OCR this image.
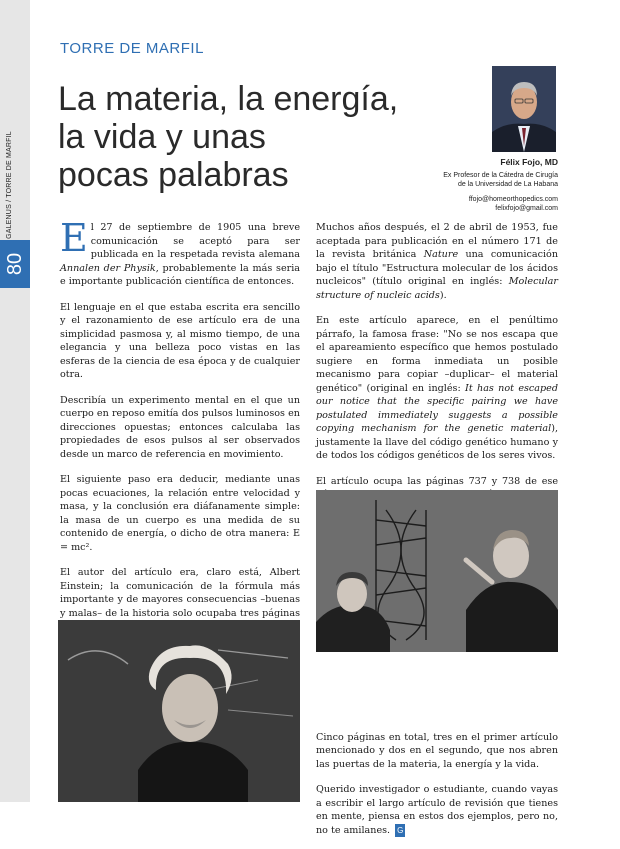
80
GALENUS / TORRE DE MARFIL
TORRE DE MARFIL
La materia, la energía,
la vida y unas
pocas palabras	Félix Fojo, MD
Ex Profesor de la Cátedra de Cirugía
de la Universidad de La Habana
ffojo@homeorthopedics.com
felixfojo@gmail.com

El 27 de septiembre de 1905 una breve comunicación se aceptó para ser publicada en la respetada revista alemana Annalen der Physik, probablemente la más seria e importante publicación científica de entonces.

El lenguaje en el que estaba escrita era sencillo y el razonamiento de ese artículo era de una simplicidad pasmosa y, al mismo tiempo, de una elegancia y una belleza poco vistas en las esferas de la ciencia de esa época y de cualquier otra.

Describía un experimento mental en el que un cuerpo en reposo emitía dos pulsos luminosos en direcciones opuestas; entonces calculaba las propiedades de esos pulsos al ser observados desde un marco de referencia en movimiento.

El siguiente paso era deducir, mediante unas pocas ecuaciones, la relación entre velocidad y masa, y la conclusión era diáfanamente simple: la masa de un cuerpo es una medida de su contenido de energía, o dicho de otra manera: E = mc².

El autor del artículo era, claro está, Albert Einstein; la comunicación de la fórmula más importante y de mayores consecuencias –buenas y malas– de la historia solo ocupaba tres páginas

Muchos años después, el 2 de abril de 1953, fue aceptada para publicación en el número 171 de la revista británica Nature una comunicación bajo el título "Estructura molecular de los ácidos nucleicos" (título original en inglés: Molecular structure of nucleic acids).

En este artículo aparece, en el penúltimo párrafo, la famosa frase: "No se nos escapa que el apareamiento específico que hemos postulado sugiere en forma inmediata un posible mecanismo para copiar –duplicar– el material genético" (original en inglés: It has not escaped our notice that the specific pairing we have postulated immediately suggests a possible copying mechanism for the genetic material), justamente la llave del código genético humano y de todos los códigos genéticos de los seres vivos.

El artículo ocupa las páginas 737 y 738 de ese

Cinco páginas en total, tres en el primer artículo mencionado y dos en el segundo, que nos abren las puertas de la materia, la energía y la vida.

Querido investigador o estudiante, cuando vayas a escribir el largo artículo de revisión que tienes en mente, piensa en estos dos ejemplos, pero no, no te amilanes. G
